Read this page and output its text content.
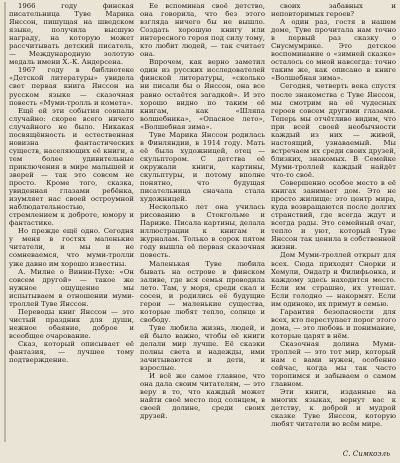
1966 году финская писательница Туве Марика Янссон, пишущая на шведском языке, получила высшую награду, на которую может рассчитывать детский писатель, — Международную золотую медаль имени Х.-К. Андерсена.

1967 году в библиотеке «Детской литературы» увидела свет первая книга Янссон на русском языке — сказочная повесть «Муми-тролль и комета».

Ещё ей эти события совпали случайно: скорее всего ничего случайного не было. Никакая посвящённость и естественная новизна фантастических существ, населяющих её книги, а тем более удивительные приключения в мире малышей и зверей — так это совсем не просто. Кроме того, сказка, увиденная глазами ребёнка, изумляет нас своей остроумной наблюдательностью, стремлением к доброте, юмору и фантастике.

Но прежде ещё одно. Сегодня у меня в гостях маленькие читатели, и мы и не сомневаемся, что муми-тролли уже давно им хорошо известны.

А. Милне о Винни-Пухе: «Он совсем другой» — такое же нужное ощущение мы испытываем в отношении муми-троллей Туве Янссон.

Переводы книг Янссон — это чистый праздник для души, нежное обаяние, доброе и всеобщее очарование.

Сказ, который описывает её фантазия, — лучшее тому подтверждение.

Ее вспоминая своё детство, она говорила, что без этого взгляда ничего бы не вышло. Создать хорошую книгу или интересного героя под силу тому, кто любит людей, — так считает она.

Впрочем, как верно заметил один из русских исследователей финской литературы, «сколько ни писали бы о Янссон, она все равно остаётся загадкой». И это хорошо видно по таким её книгам, как «Шляпа волшебника», «Опасное лето», «Волшебная зима».

Туве Марика Янссон родилась в Финляндии, в 1914 году. Мать её была художницей, отец — скульптором. С детства её окружали книги, картины, скульптуры, и потому вполне понятно, что будущая писательница сначала стала художницей.

Несколько лет она училась рисованию в Стокгольме и Париже. Писала картины, делала иллюстрации к книгам и журналам. Только в сорок пятом году вышла её первая сказочная повесть.

Маленькая Туве любила бывать на острове в финском заливе, где вся семья проводила лето. Там, у моря, среди скал и сосен, и родились её будущие герои — маленькие существа, которые любят тепло, солнце и свободу.

Туве любила жизнь, людей, и ей было важно, чтобы её книги делали мир лучше. Её сказки полны света и надежды, ими зачитываются и дети, и взрослые.

И всё же самое главное, что она дала своим читателям, — это веру в то, что каждый может найти своё место под солнцем, в своей долине, среди своих друзей.

своих забавных и неповторимых героев?

А один раз, гостя в нашем доме, Туве прочитала нам точно в первый раз сказку о Снусмумрике. Это детское воспоминание о «зимней сказке» осталось со мной навсегда: точно таким же, как описано в книге «Волшебная зима».

Сегодня, четверть века спустя после знакомства с Туве Янссон, мы смотрим на её чудесных героев совсем другими глазами. Теперь мы отчётливо видим, что при всей своей необычности каждый из них — живой, настоящий, узнаваемый. Мы встречаем их среди своих друзей, близких, знакомых. В Семейке Муми-троллей каждый найдёт что-то своё.

Совершенно особое место в её книгах занимает дом. Это не просто жилище: это центр мира, куда возвращаются после долгих странствий, где всегда ждут и всегда рады. Это семейный очаг, тепло и уют, который Туве Янссон так ценила в собственной жизни.

Дом Муми-троллей открыт для всех. Сюда приходят Снорки и Хемули, Ондатр и Филифьонка, и каждому здесь находится место. Если им страшно, их утешат. Если голодно — накормят. Если им одиноко, их примут в семью.

Гарантия безопасности для всех, кто переступает порог этого дома, — это любовь и понимание, которые царят в нём.

Сказочная долина Муми-троллей — это тот мир, который нам с вами нужен, особенно сейчас, когда мы так часто торопимся и забываем о самом главном.

Эти книги, изданные на многих языках, вернут вас к детству, к доброй и мудрой сказке Туве Янссон, которую любят читатели во всём мире.

С. Симкоэль
